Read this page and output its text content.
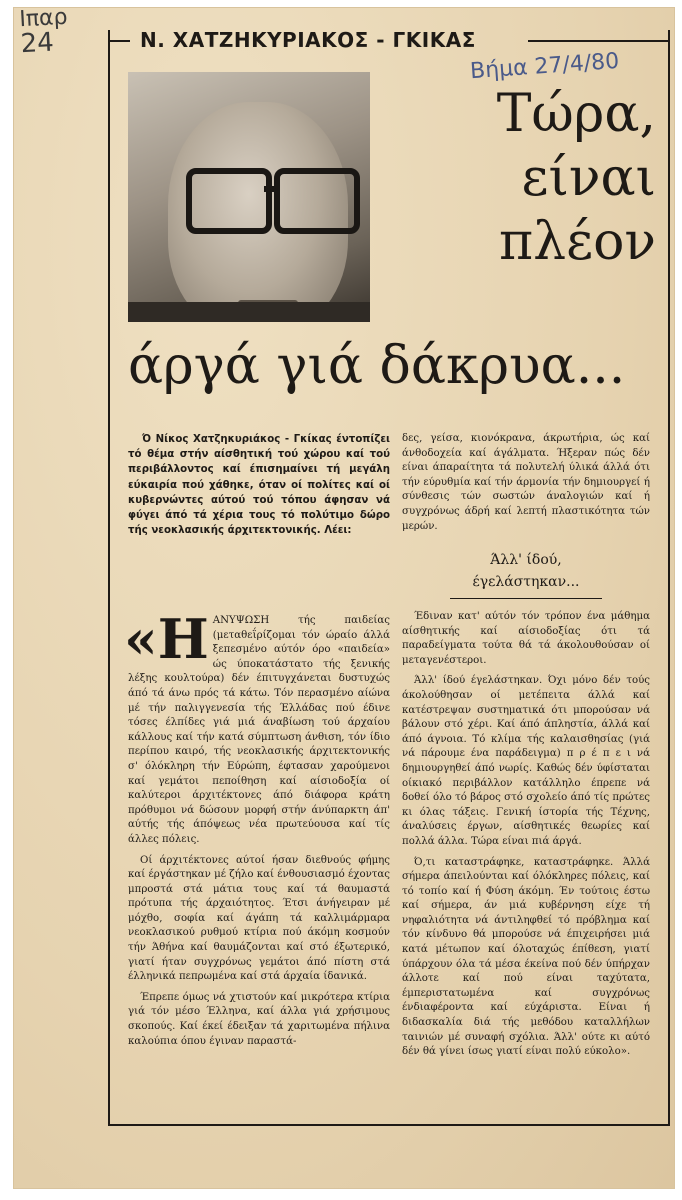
Ιπαρ
24	Ν. ΧΑΤΖΗΚΥΡΙΑΚΟΣ - ΓΚΙΚΑΣ
Βήμα 27/4/80
Τώρα,
είναι
πλέον
άργά γιά δάκρυα...

Ό Νίκος Χατζηκυριάκος - Γκίκας έντοπίζει τό θέμα στήν αίσθητική τού χώρου καί τού περιβάλλοντος καί έπισημαίνει τή μεγάλη εύκαιρία πού χάθηκε, όταν οί πολίτες καί οί κυβερνώντες αύτού τού τόπου άφησαν νά φύγει άπό τά χέρια τους τό πολύτιμο δώρο τής νεοκλασικής άρχιτεκτονικής. Λέει:

«ΗΑΝΥΨΩΣΗ τής παιδείας (μεταθεΐρίζομαι τόν ώραίο άλλά ξεπεσμένο αύτόν όρο «παιδεία» ώς ύποκατάστατο τής ξενικής λέξης κουλτούρα) δέν έπιτυγχάνεται δυστυχώς άπό τά άνω πρός τά κάτω. Τόν περασμένο αίώνα μέ τήν παλιγγενεσία τής Έλλάδας πού έδινε τόσες έλπίδες γιά μιά άναβίωση τού άρχαίου κάλλους καί τήν κατά σύμπτωση άνθιση, τόν ίδιο περίπου καιρό, τής νεοκλασικής άρχιτεκτονικής σ' όλόκληρη τήν Εύρώπη, έφτασαν χαρούμενοι καί γεμάτοι πεποίθηση καί αίσιοδοξία οί καλύτεροι άρχιτέκτονες άπό διάφορα κράτη πρόθυμοι νά δώσουν μορφή στήν άνύπαρκτη άπ' αύτής τής άπόψεως νέα πρωτεύουσα καί τίς άλλες πόλεις.

Οί άρχιτέκτονες αύτοί ήσαν διεθνούς φήμης καί έργάστηκαν μέ ζήλο καί ένθουσιασμό έχοντας μπροστά στά μάτια τους καί τά θαυμαστά πρότυπα τής άρχαιότητος. Έτσι άνήγειραν μέ μόχθο, σοφία καί άγάπη τά καλλιμάρμαρα νεοκλασικού ρυθμού κτίρια πού άκόμη κοσμούν τήν Άθήνα καί θαυμάζονται καί στό έξωτερικό, γιατί ήταν συγχρόνως γεμάτοι άπό πίστη στά έλληνικά πεπρωμένα καί στά άρχαία ίδανικά.

Έπρεπε όμως νά χτιστούν καί μικρότερα κτίρια γιά τόν μέσο Έλληνα, καί άλλα γιά χρήσιμους σκοπούς. Καί έκεί έδειξαν τά χαριτωμένα πήλινα καλούπια όπου έγιναν παραστά-

δες, γείσα, κιονόκρανα, άκρωτήρια, ώς καί άνθοδοχεία καί άγάλματα. Ήξεραν πώς δέν είναι άπαραίτητα τά πολυτελή ύλικά άλλά ότι τήν εύρυθμία καί τήν άρμονία τήν δημιουργεί ή σύνθεσις τών σωστών άναλογιών καί ή συγχρόνως άδρή καί λεπτή πλαστικότητα τών μερών.

Άλλ' ίδού,
έγελάστηκαν...

Έδιναν κατ' αύτόν τόν τρόπον ένα μάθημα αίσθητικής καί αίσιοδοξίας ότι τά παραδείγματα τούτα θά τά άκολουθούσαν οί μεταγενέστεροι.

Άλλ' ίδού έγελάστηκαν. Όχι μόνο δέν τούς άκολούθησαν οί μετέπειτα άλλά καί κατέστρεψαν συστηματικά ότι μπορούσαν νά βάλουν στό χέρι. Καί άπό άπληστία, άλλά καί άπό άγνοια. Τό κλίμα τής καλαισθησίας (γιά νά πάρουμε ένα παράδειγμα) π ρ έ π ε ι νά δημιουργηθεί άπό νωρίς. Καθώς δέν ύφίσταται οίκιακό περιβάλλον κατάλληλο έπρεπε νά δοθεί όλο τό βάρος στό σχολείο άπό τίς πρώτες κι όλας τάξεις. Γενική ίστορία τής Τέχνης, άναλύσεις έργων, αίσθητικές θεωρίες καί πολλά άλλα. Τώρα είναι πιά άργά.

Ό,τι καταστράφηκε, καταστράφηκε. Άλλά σήμερα άπειλούνται καί όλόκληρες πόλεις, καί τό τοπίο καί ή Φύση άκόμη. Έν τούτοις έστω καί σήμερα, άν μιά κυβέρνηση είχε τή νηφαλιότητα νά άντιληφθεί τό πρόβλημα καί τόν κίνδυνο θά μπορούσε νά έπιχειρήσει μιά κατά μέτωπον καί όλοταχώς έπίθεση, γιατί ύπάρχουν όλα τά μέσα έκείνα πού δέν ύπήρχαν άλλοτε καί πού είναι ταχύτατα, έμπεριστατωμένα καί συγχρόνως ένδιαφέροντα καί εύχάριστα. Είναι ή διδασκαλία διά τής μεθόδου καταλλήλων ταινιών μέ συναφή σχόλια. Άλλ' ούτε κι αύτό δέν θά γίνει ίσως γιατί είναι πολύ εύκολο».
